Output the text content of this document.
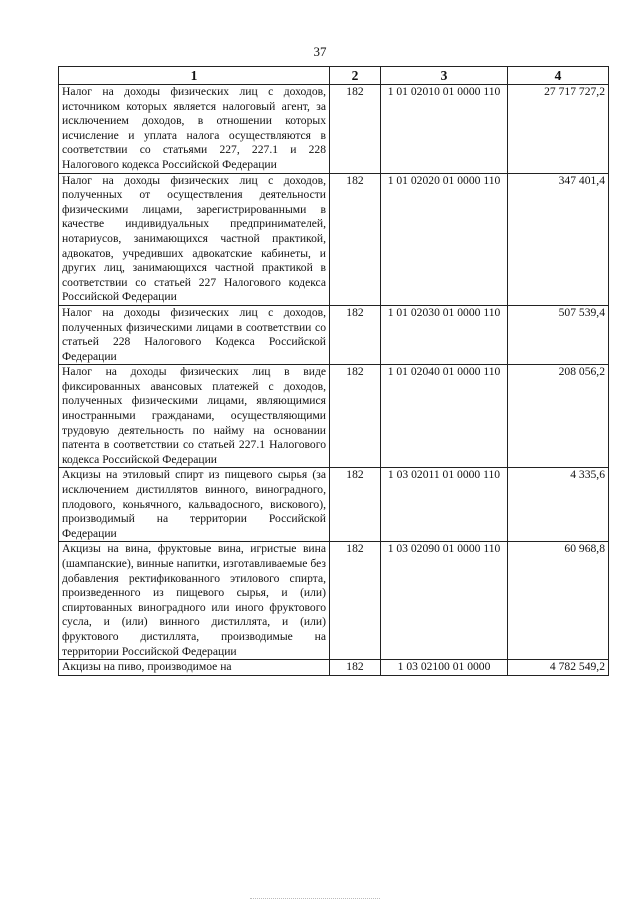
37
1	2	3	4
Налог на доходы физических лиц с доходов, источником которых является налоговый агент, за исключением доходов, в отношении которых исчисление и уплата налога осуществляются в соответствии со статьями 227, 227.1 и 228 Налогового кодекса Российской Федерации	182	1 01 02010 01 0000 110	27 717 727,2
Налог на доходы физических лиц с доходов, полученных от осуществления деятельности физическими лицами, зарегистрированными в качестве индивидуальных предпринимателей, нотариусов, занимающихся частной практикой, адвокатов, учредивших адвокатские кабинеты, и других лиц, занимающихся частной практикой в соответствии со статьей 227 Налогового кодекса Российской Федерации	182	1 01 02020 01 0000 110	347 401,4
Налог на доходы физических лиц с доходов, полученных физическими лицами в соответствии со статьей 228 Налогового Кодекса Российской Федерации	182	1 01 02030 01 0000 110	507 539,4
Налог на доходы физических лиц в виде фиксированных авансовых платежей с доходов, полученных физическими лицами, являющимися иностранными гражданами, осуществляющими трудовую деятельность по найму на основании патента в соответствии со статьей 227.1 Налогового кодекса Российской Федерации	182	1 01 02040 01 0000 110	208 056,2
Акцизы на этиловый спирт из пищевого сырья (за исключением дистиллятов винного, виноградного, плодового, коньячного, кальвадосного, вискового), производимый на территории Российской Федерации	182	1 03 02011 01 0000 110	4 335,6
Акцизы на вина, фруктовые вина, игристые вина (шампанские), винные напитки, изготавливаемые без добавления ректификованного этилового спирта, произведенного из пищевого сырья, и (или) спиртованных виноградного или иного фруктового сусла, и (или) винного дистиллята, и (или) фруктового дистиллята, производимые на территории Российской Федерации	182	1 03 02090 01 0000 110	60 968,8
Акцизы на пиво, производимое на	182	1 03 02100 01 0000	4 782 549,2
